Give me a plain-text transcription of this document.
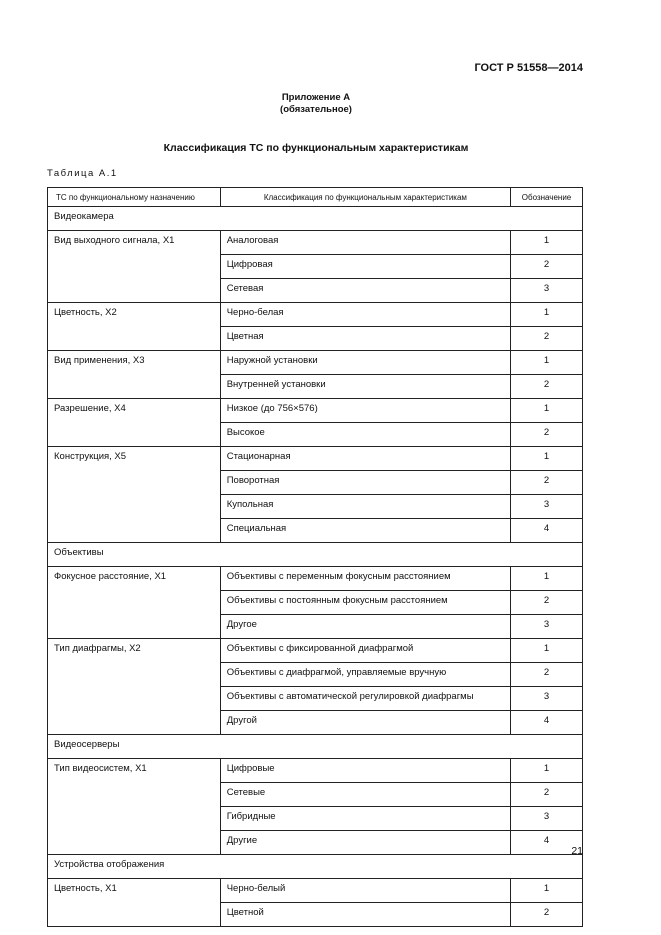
ГОСТ Р 51558—2014
Приложение А
(обязательное)
Классификация ТС по функциональным характеристикам
Таблица А.1
ТС по функциональному назначению	Классификация по функциональным характеристикам	Обозначение
Видеокамера		
Вид выходного сигнала, Х1	Аналоговая	1
	Цифровая	2
	Сетевая	3
Цветность, Х2	Черно-белая	1
	Цветная	2
Вид применения, Х3	Наружной установки	1
	Внутренней установки	2
Разрешение, Х4	Низкое (до 756×576)	1
	Высокое	2
Конструкция, Х5	Стационарная	1
	Поворотная	2
	Купольная	3
	Специальная	4
Объективы		
Фокусное расстояние, Х1	Объективы с переменным фокусным расстоянием	1
	Объективы с постоянным фокусным расстоянием	2
	Другое	3
Тип диафрагмы, Х2	Объективы с фиксированной диафрагмой	1
	Объективы с диафрагмой, управляемые вручную	2
	Объективы с автоматической регулировкой диафрагмы	3
	Другой	4
Видеосерверы		
Тип видеосистем, Х1	Цифровые	1
	Сетевые	2
	Гибридные	3
	Другие	4
Устройства отображения		
Цветность, Х1	Черно-белый	1
	Цветной	2
21
